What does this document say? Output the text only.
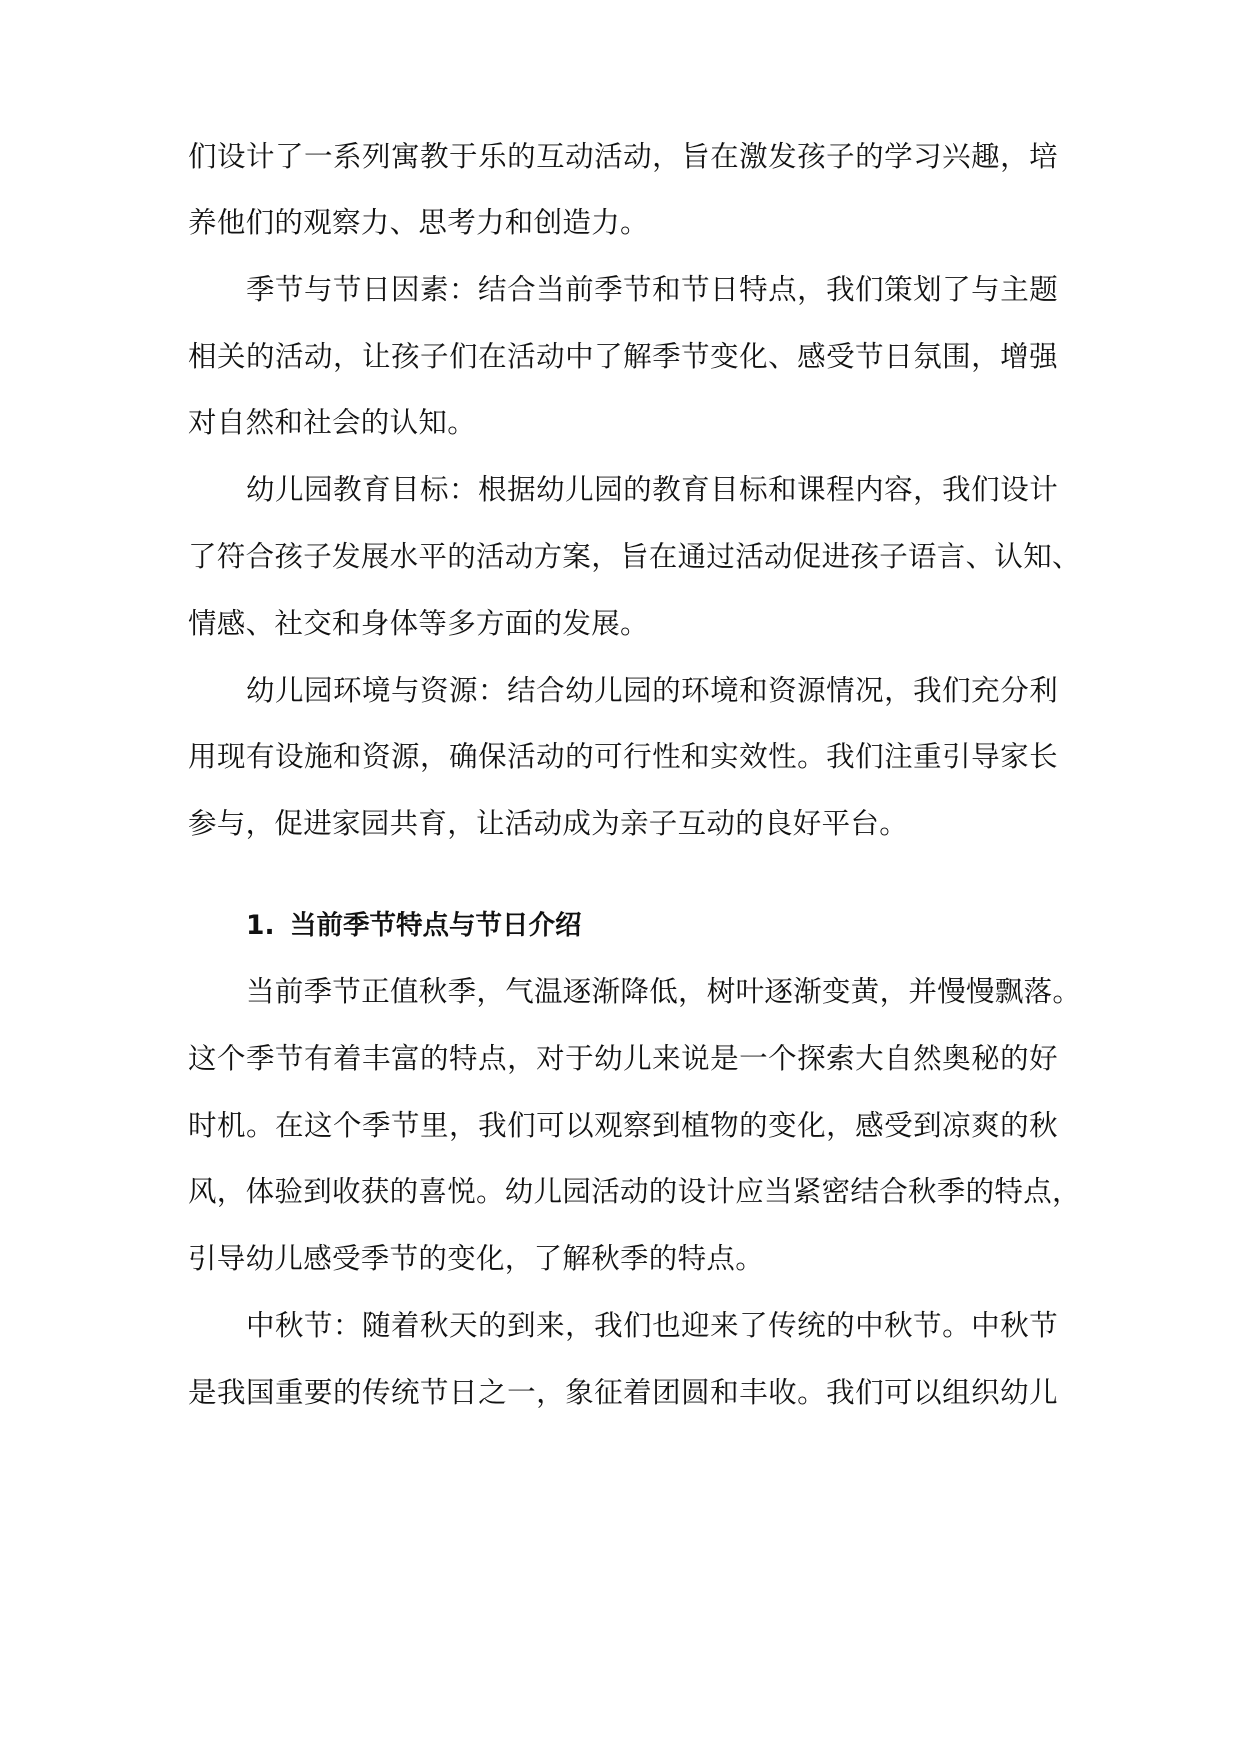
们设计了一系列寓教于乐的互动活动，旨在激发孩子的学习兴趣，培
养他们的观察力、思考力和创造力。
季节与节日因素：结合当前季节和节日特点，我们策划了与主题
相关的活动，让孩子们在活动中了解季节变化、感受节日氛围，增强
对自然和社会的认知。
幼儿园教育目标：根据幼儿园的教育目标和课程内容，我们设计
了符合孩子发展水平的活动方案，旨在通过活动促进孩子语言、认知、
情感、社交和身体等多方面的发展。
幼儿园环境与资源：结合幼儿园的环境和资源情况，我们充分利
用现有设施和资源，确保活动的可行性和实效性。我们注重引导家长
参与，促进家园共育，让活动成为亲子互动的良好平台。
1. 当前季节特点与节日介绍
当前季节正值秋季，气温逐渐降低，树叶逐渐变黄，并慢慢飘落。
这个季节有着丰富的特点，对于幼儿来说是一个探索大自然奥秘的好
时机。在这个季节里，我们可以观察到植物的变化，感受到凉爽的秋
风，体验到收获的喜悦。幼儿园活动的设计应当紧密结合秋季的特点，
引导幼儿感受季节的变化，了解秋季的特点。
中秋节：随着秋天的到来，我们也迎来了传统的中秋节。中秋节
是我国重要的传统节日之一，象征着团圆和丰收。我们可以组织幼儿
